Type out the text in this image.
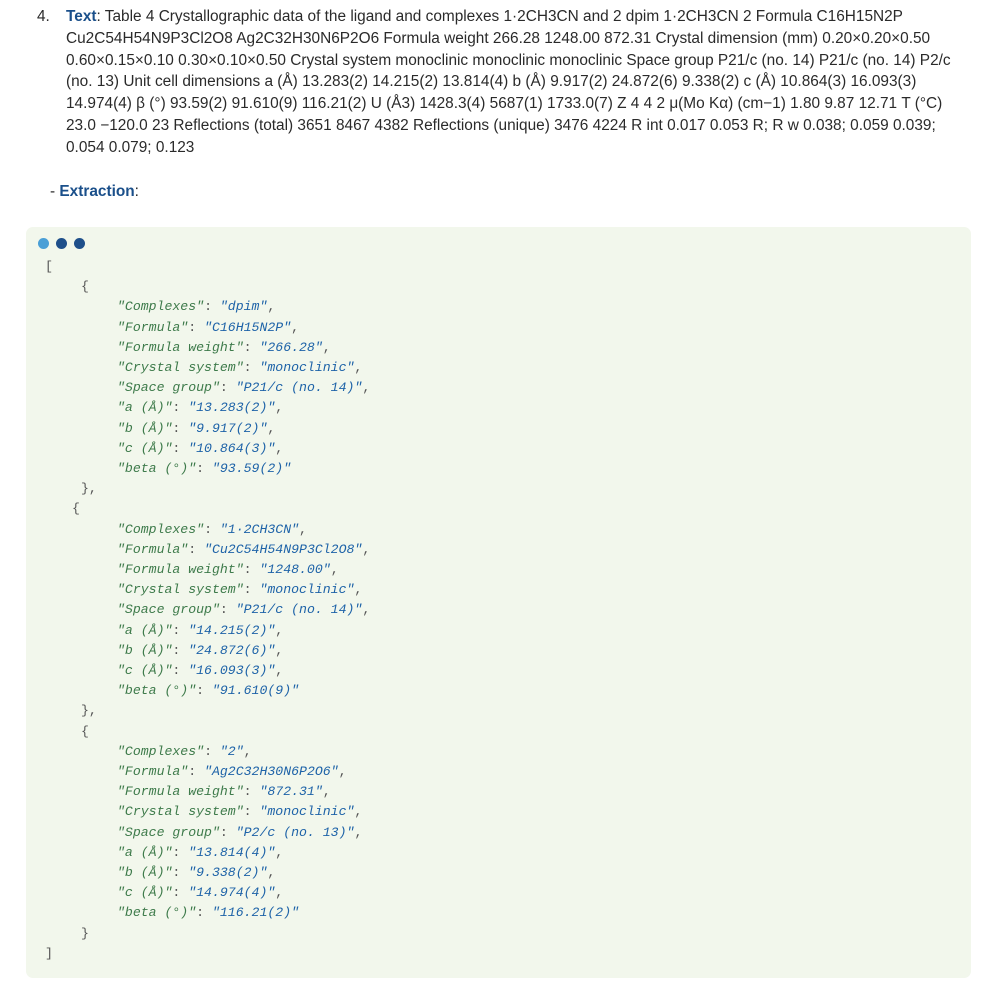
4.	Text: Table 4 Crystallographic data of the ligand and complexes 1·2CH3CN and 2 dpim 1·2CH3CN 2 Formula C16H15N2P Cu2C54H54N9P3Cl2O8 Ag2C32H30N6P2O6 Formula weight 266.28 1248.00 872.31 Crystal dimension (mm) 0.20×0.20×0.50 0.60×0.15×0.10 0.30×0.10×0.50 Crystal system monoclinic monoclinic monoclinic Space group P21/c (no. 14) P21/c (no. 14) P2/c (no. 13) Unit cell dimensions a (Å) 13.283(2) 14.215(2) 13.814(4) b (Å) 9.917(2) 24.872(6) 9.338(2) c (Å) 10.864(3) 16.093(3) 14.974(4) β (°) 93.59(2) 91.610(9) 116.21(2) U (Å3) 1428.3(4) 5687(1) 1733.0(7) Z 4 4 2 μ(Mo Kα) (cm−1) 1.80 9.87 12.71 T (°C) 23.0 −120.0 23 Reflections (total) 3651 8467 4382 Reflections (unique) 3476 4224 R int 0.017 0.053 R; R w 0.038; 0.059 0.039; 0.054 0.079; 0.123
- Extraction:
[
{
"Complexes": "dpim",
"Formula": "C16H15N2P",
"Formula weight": "266.28",
"Crystal system": "monoclinic",
"Space group": "P21/c (no. 14)",
"a (Å)": "13.283(2)",
"b (Å)": "9.917(2)",
"c (Å)": "10.864(3)",
"beta (°)": "93.59(2)"
},
{
"Complexes": "1·2CH3CN",
"Formula": "Cu2C54H54N9P3Cl2O8",
"Formula weight": "1248.00",
"Crystal system": "monoclinic",
"Space group": "P21/c (no. 14)",
"a (Å)": "14.215(2)",
"b (Å)": "24.872(6)",
"c (Å)": "16.093(3)",
"beta (°)": "91.610(9)"
},
{
"Complexes": "2",
"Formula": "Ag2C32H30N6P2O6",
"Formula weight": "872.31",
"Crystal system": "monoclinic",
"Space group": "P2/c (no. 13)",
"a (Å)": "13.814(4)",
"b (Å)": "9.338(2)",
"c (Å)": "14.974(4)",
"beta (°)": "116.21(2)"
}
]
